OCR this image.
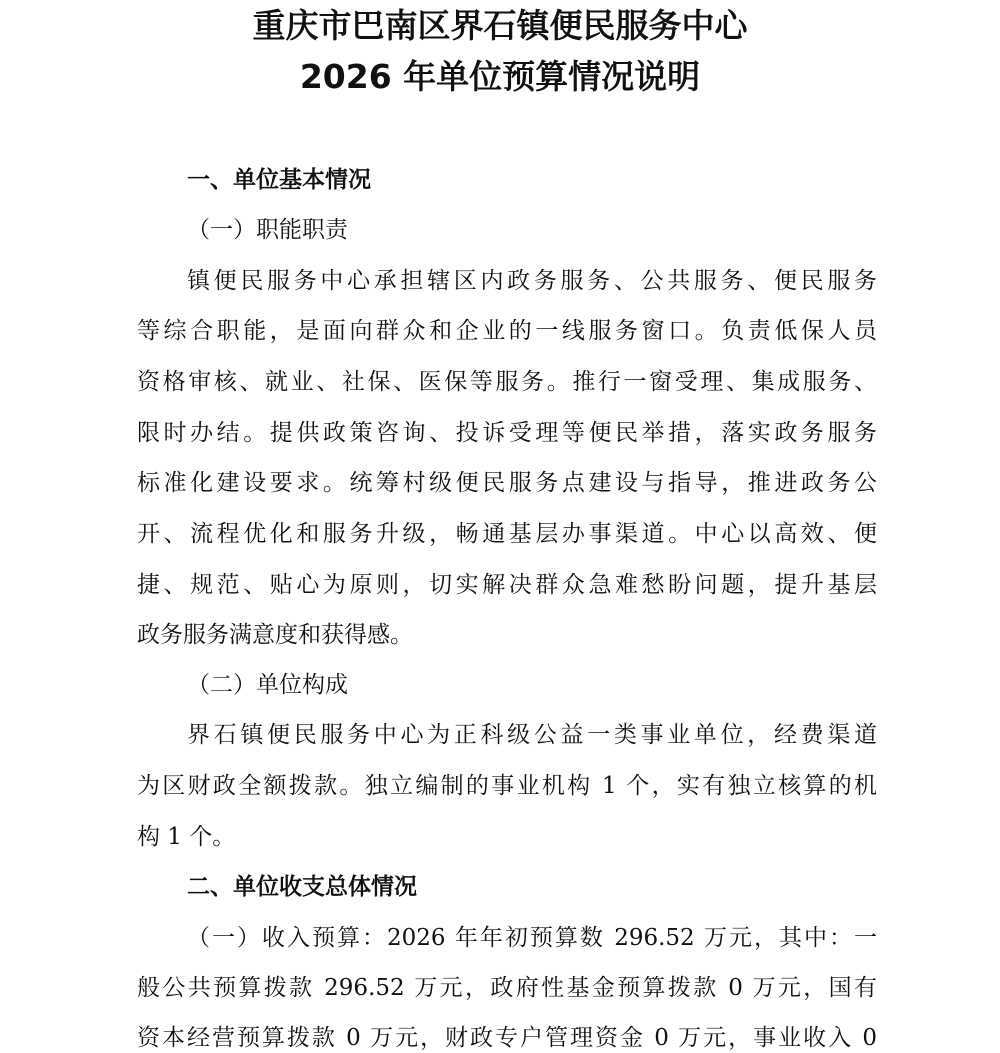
重庆市巴南区界石镇便民服务中心
2026 年单位预算情况说明
一、单位基本情况
（一）职能职责
镇便民服务中心承担辖区内政务服务、公共服务、便民服务
等综合职能，是面向群众和企业的一线服务窗口。负责低保人员
资格审核、就业、社保、医保等服务。推行一窗受理、集成服务、
限时办结。提供政策咨询、投诉受理等便民举措，落实政务服务
标准化建设要求。统筹村级便民服务点建设与指导，推进政务公
开、流程优化和服务升级，畅通基层办事渠道。中心以高效、便
捷、规范、贴心为原则，切实解决群众急难愁盼问题，提升基层
政务服务满意度和获得感。
（二）单位构成
界石镇便民服务中心为正科级公益一类事业单位，经费渠道
为区财政全额拨款。独立编制的事业机构 1 个，实有独立核算的机
构 1 个。
二、单位收支总体情况
（一）收入预算：2026 年年初预算数 296.52 万元，其中：一
般公共预算拨款 296.52 万元，政府性基金预算拨款 0 万元，国有
资本经营预算拨款 0 万元，财政专户管理资金 0 万元，事业收入 0
